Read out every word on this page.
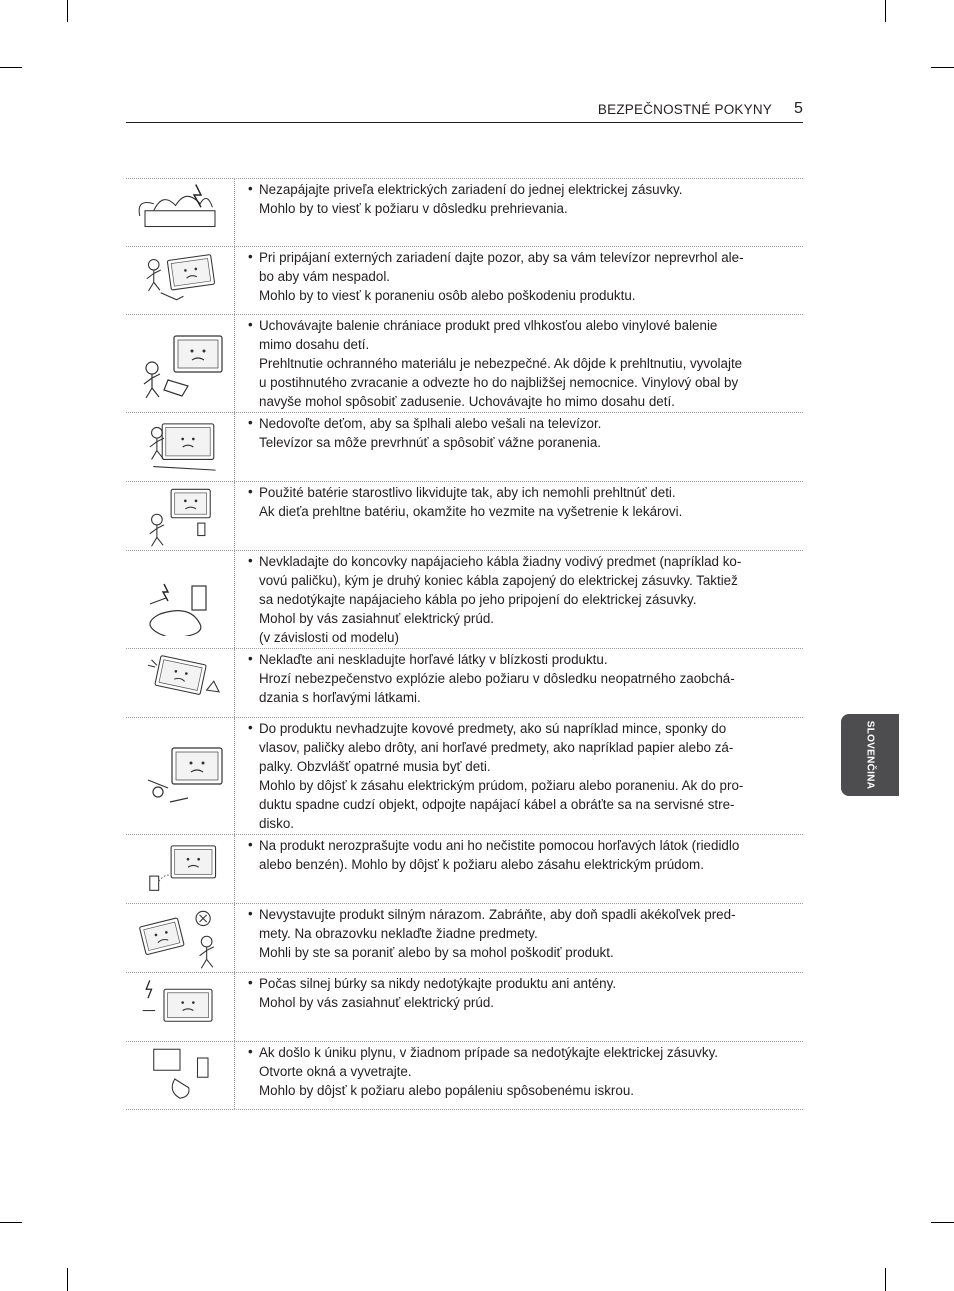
BEZPEČNOSTNÉ POKYNY 5
SLOVENČINA
• Nezapájajte priveľa elektrických zariadení do jednej elektrickej zásuvky.
Mohlo by to viesť k požiaru v dôsledku prehrievania.
• Pri pripájaní externých zariadení dajte pozor, aby sa vám televízor neprevrhol ale-
bo aby vám nespadol.
Mohlo by to viesť k poraneniu osôb alebo poškodeniu produktu.
• Uchovávajte balenie chrániace produkt pred vlhkosťou alebo vinylové balenie
mimo dosahu detí.
Prehltnutie ochranného materiálu je nebezpečné. Ak dôjde k prehltnutiu, vyvolajte
u postihnutého zvracanie a odvezte ho do najbližšej nemocnice. Vinylový obal by
navyše mohol spôsobiť zadusenie. Uchovávajte ho mimo dosahu detí.
• Nedovoľte deťom, aby sa šplhali alebo vešali na televízor.
Televízor sa môže prevrhnúť a spôsobiť vážne poranenia.
• Použité batérie starostlivo likvidujte tak, aby ich nemohli prehltnúť deti.
Ak dieťa prehltne batériu, okamžite ho vezmite na vyšetrenie k lekárovi.
• Nevkladajte do koncovky napájacieho kábla žiadny vodivý predmet (napríklad ko-
vovú paličku), kým je druhý koniec kábla zapojený do elektrickej zásuvky. Taktiež
sa nedotýkajte napájacieho kábla po jeho pripojení do elektrickej zásuvky.
Mohol by vás zasiahnuť elektrický prúd.
(v závislosti od modelu)
• Neklaďte ani neskladujte horľavé látky v blízkosti produktu.
Hrozí nebezpečenstvo explózie alebo požiaru v dôsledku neopatrného zaobchá-
dzania s horľavými látkami.
• Do produktu nevhadzujte kovové predmety, ako sú napríklad mince, sponky do
vlasov, paličky alebo drôty, ani horľavé predmety, ako napríklad papier alebo zá-
palky. Obzvlášť opatrné musia byť deti.
Mohlo by dôjsť k zásahu elektrickým prúdom, požiaru alebo poraneniu. Ak do pro-
duktu spadne cudzí objekt, odpojte napájací kábel a obráťte sa na servisné stre-
disko.
• Na produkt nerozprašujte vodu ani ho nečistite pomocou horľavých látok (riedidlo
alebo benzén). Mohlo by dôjsť k požiaru alebo zásahu elektrickým prúdom.
• Nevystavujte produkt silným nárazom. Zabráňte, aby doň spadli akékoľvek pred-
mety. Na obrazovku neklaďte žiadne predmety.
Mohli by ste sa poraniť alebo by sa mohol poškodiť produkt.
• Počas silnej búrky sa nikdy nedotýkajte produktu ani antény.
Mohol by vás zasiahnuť elektrický prúd.
• Ak došlo k úniku plynu, v žiadnom prípade sa nedotýkajte elektrickej zásuvky.
Otvorte okná a vyvetrajte.
Mohlo by dôjsť k požiaru alebo popáleniu spôsobenému iskrou.
